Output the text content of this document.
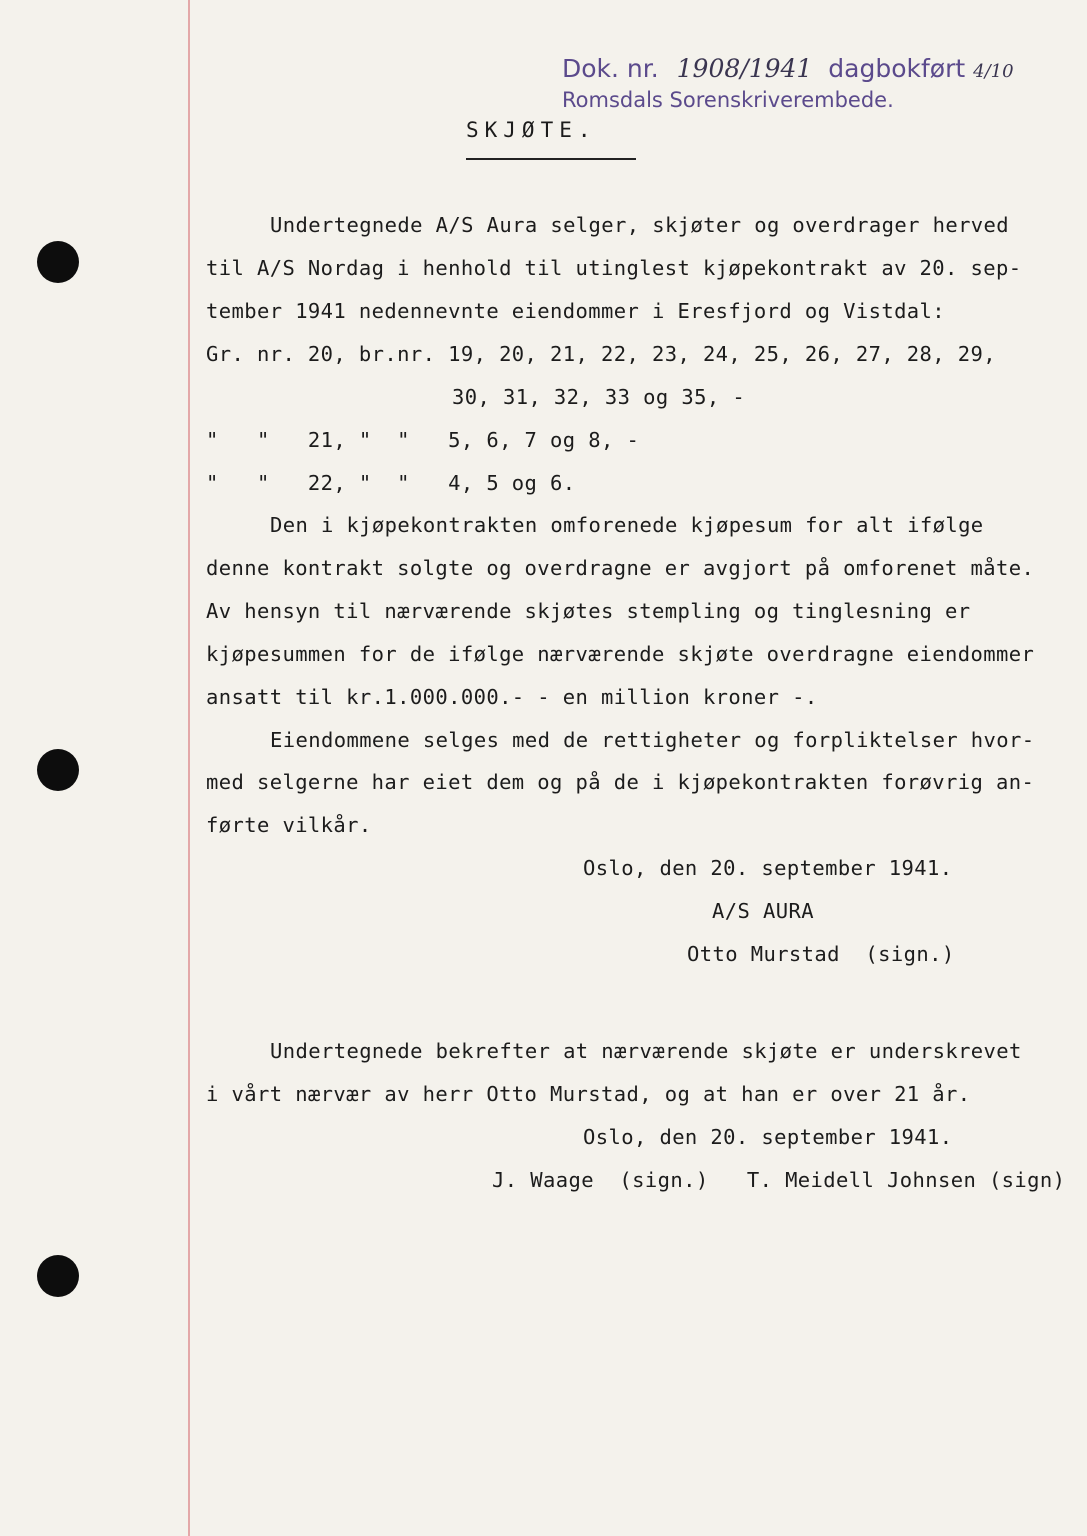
Dok. nr. 1908/1941 dagbokført 4/10
Romsdals Sorenskriverembede.
SKJØTE.
Undertegnede A/S Aura selger, skjøter og overdrager herved
til A/S Nordag i henhold til utinglest kjøpekontrakt av 20. sep-
tember 1941 nedennevnte eiendommer i Eresfjord og Vistdal:
Gr. nr. 20, br.nr. 19, 20, 21, 22, 23, 24, 25, 26, 27, 28, 29,
30, 31, 32, 33 og 35, -
"   "   21, "  "   5, 6, 7 og 8, -
"   "   22, "  "   4, 5 og 6.
Den i kjøpekontrakten omforenede kjøpesum for alt ifølge
denne kontrakt solgte og overdragne er avgjort på omforenet måte.
Av hensyn til nærværende skjøtes stempling og tinglesning er
kjøpesummen for de ifølge nærværende skjøte overdragne eiendommer
ansatt til kr.1.000.000.- - en million kroner -.
Eiendommene selges med de rettigheter og forpliktelser hvor-
med selgerne har eiet dem og på de i kjøpekontrakten forøvrig an-
førte vilkår.
Oslo, den 20. september 1941.
A/S AURA
Otto Murstad  (sign.)
Undertegnede bekrefter at nærværende skjøte er underskrevet
i vårt nærvær av herr Otto Murstad, og at han er over 21 år.
Oslo, den 20. september 1941.
J. Waage  (sign.)   T. Meidell Johnsen (sign)
